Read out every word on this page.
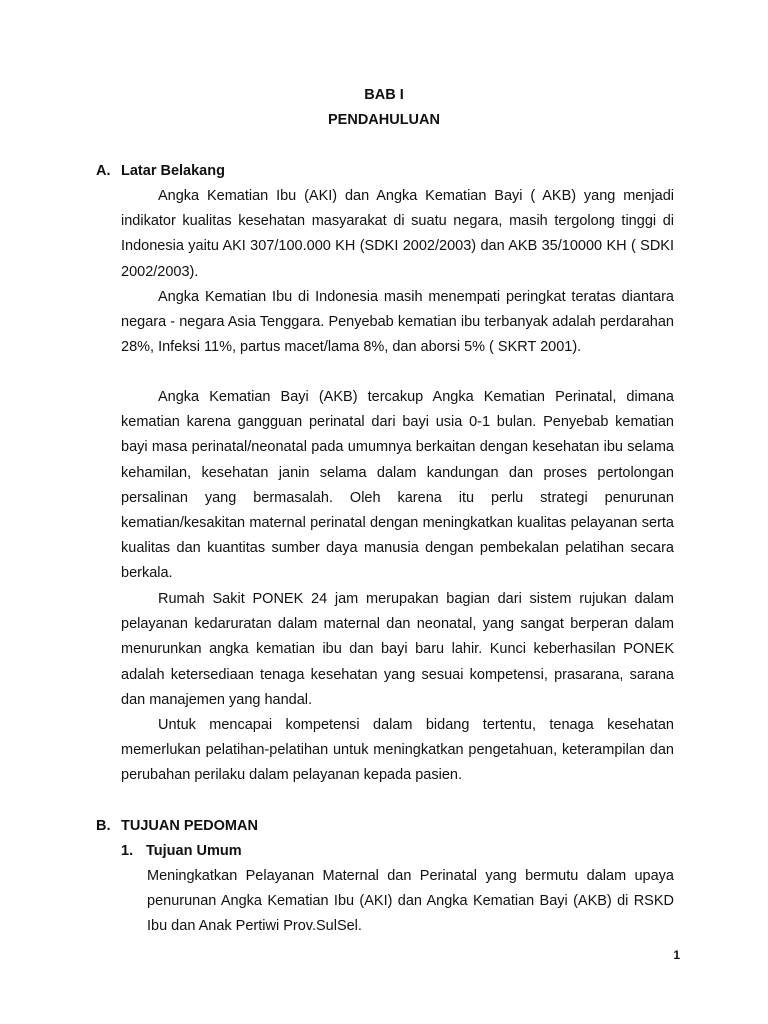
BAB I
PENDAHULUAN
A. Latar Belakang
Angka Kematian Ibu (AKI) dan Angka Kematian Bayi ( AKB) yang menjadi indikator kualitas kesehatan masyarakat di suatu negara, masih tergolong tinggi di Indonesia yaitu AKI 307/100.000 KH (SDKI 2002/2003) dan AKB 35/10000 KH ( SDKI 2002/2003).
Angka Kematian Ibu di Indonesia masih menempati peringkat teratas diantara negara - negara Asia Tenggara. Penyebab kematian ibu terbanyak adalah perdarahan 28%, Infeksi 11%, partus macet/lama 8%, dan aborsi 5% ( SKRT 2001).
Angka Kematian Bayi (AKB) tercakup Angka Kematian Perinatal, dimana kematian karena gangguan perinatal dari bayi usia 0-1 bulan. Penyebab kematian bayi masa perinatal/neonatal pada umumnya berkaitan dengan kesehatan ibu selama kehamilan, kesehatan janin selama dalam kandungan dan proses pertolongan persalinan yang bermasalah. Oleh karena itu perlu strategi penurunan kematian/kesakitan maternal perinatal dengan meningkatkan kualitas pelayanan serta kualitas dan kuantitas sumber daya manusia dengan pembekalan pelatihan secara berkala.
Rumah Sakit PONEK 24 jam merupakan bagian dari sistem rujukan dalam pelayanan kedaruratan dalam maternal dan neonatal, yang sangat berperan dalam menurunkan angka kematian ibu dan bayi baru lahir. Kunci keberhasilan PONEK adalah ketersediaan tenaga kesehatan yang sesuai kompetensi, prasarana, sarana dan manajemen yang handal.
Untuk mencapai kompetensi dalam bidang tertentu, tenaga kesehatan memerlukan pelatihan-pelatihan untuk meningkatkan pengetahuan, keterampilan dan perubahan perilaku dalam pelayanan kepada pasien.
B. TUJUAN PEDOMAN
1. Tujuan Umum
Meningkatkan Pelayanan Maternal dan Perinatal yang bermutu dalam upaya penurunan Angka Kematian Ibu (AKI) dan Angka Kematian Bayi (AKB) di RSKD Ibu dan Anak Pertiwi Prov.SulSel.
1
